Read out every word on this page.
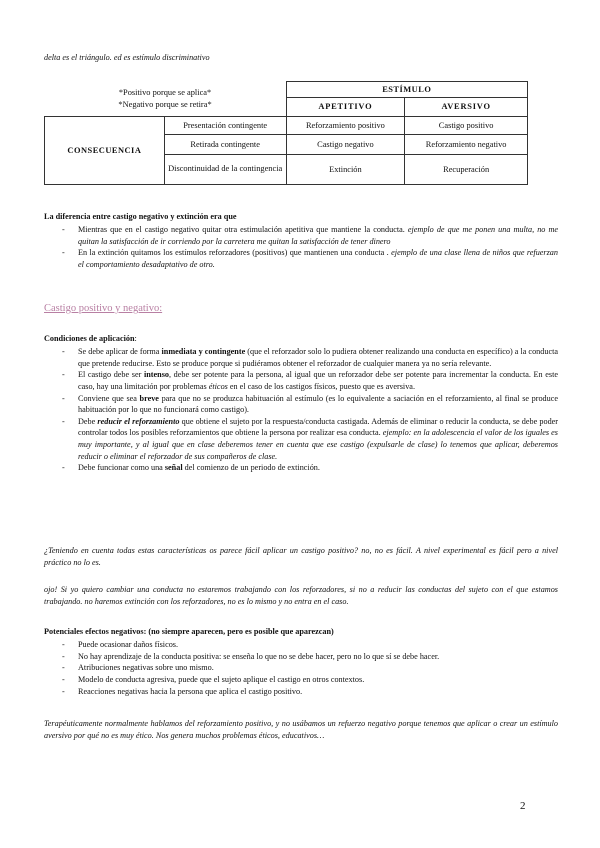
delta es el triángulo. ed es estímulo discriminativo
*Positivo porque se aplica*
*Negativo porque se retira*		ESTÍMULO	
		APETITIVO	AVERSIVO
CONSECUENCIA	Presentación contingente	Reforzamiento positivo	Castigo positivo
	Retirada contingente	Castigo negativo	Reforzamiento negativo
	Discontinuidad de la contingencia	Extinción	Recuperación
La diferencia entre castigo negativo y extinción era que
- Mientras que en el castigo negativo quitar otra estimulación apetitiva que mantiene la conducta. ejemplo de que me ponen una multa, no me quitan la satisfacción de ir corriendo por la carretera me quitan la satisfacción de tener dinero
- En la extinción quitamos los estímulos reforzadores (positivos) que mantienen una conducta . ejemplo de una clase llena de niños que refuerzan el comportamiento desadaptativo de otro.
Castigo positivo y negativo:
Condiciones de aplicación:
- Se debe aplicar de forma inmediata y contingente (que el reforzador solo lo pudiera obtener realizando una conducta en específico) a la conducta que pretende reducirse. Esto se produce porque si pudiéramos obtener el reforzador de cualquier manera ya no sería relevante.
- El castigo debe ser intenso, debe ser potente para la persona, al igual que un reforzador debe ser potente para incrementar la conducta. En este caso, hay una limitación por problemas éticos en el caso de los castigos físicos, puesto que es aversiva.
- Conviene que sea breve para que no se produzca habituación al estímulo (es lo equivalente a saciación en el reforzamiento, al final se produce habituación por lo que no funcionará como castigo).
- Debe reducir el reforzamiento que obtiene el sujeto por la respuesta/conducta castigada. Además de eliminar o reducir la conducta, se debe poder controlar todos los posibles reforzamientos que obtiene la persona por realizar esa conducta. ejemplo: en la adolescencia el valor de los iguales es muy importante, y al igual que en clase deberemos tener en cuenta que ese castigo (expulsarle de clase) lo tenemos que aplicar, deberemos reducir o eliminar el reforzador de sus compañeros de clase.
- Debe funcionar como una señal del comienzo de un periodo de extinción.
¿Teniendo en cuenta todas estas características os parece fácil aplicar un castigo positivo? no, no es fácil. A nivel experimental es fácil pero a nivel práctico no lo es.
ojo! Si yo quiero cambiar una conducta no estaremos trabajando con los reforzadores, si no a reducir las conductas del sujeto con el que estamos trabajando. no haremos extinción con los reforzadores, no es lo mismo y no entra en el caso.
Potenciales efectos negativos: (no siempre aparecen, pero es posible que aparezcan)
- Puede ocasionar daños físicos.
- No hay aprendizaje de la conducta positiva: se enseña lo que no se debe hacer, pero no lo que sí se debe hacer.
- Atribuciones negativas sobre uno mismo.
- Modelo de conducta agresiva, puede que el sujeto aplique el castigo en otros contextos.
- Reacciones negativas hacia la persona que aplica el castigo positivo.
Terapéuticamente normalmente hablamos del reforzamiento positivo, y no usábamos un refuerzo negativo porque tenemos que aplicar o crear un estímulo aversivo por qué no es muy ético. Nos genera muchos problemas éticos, educativos…
2
